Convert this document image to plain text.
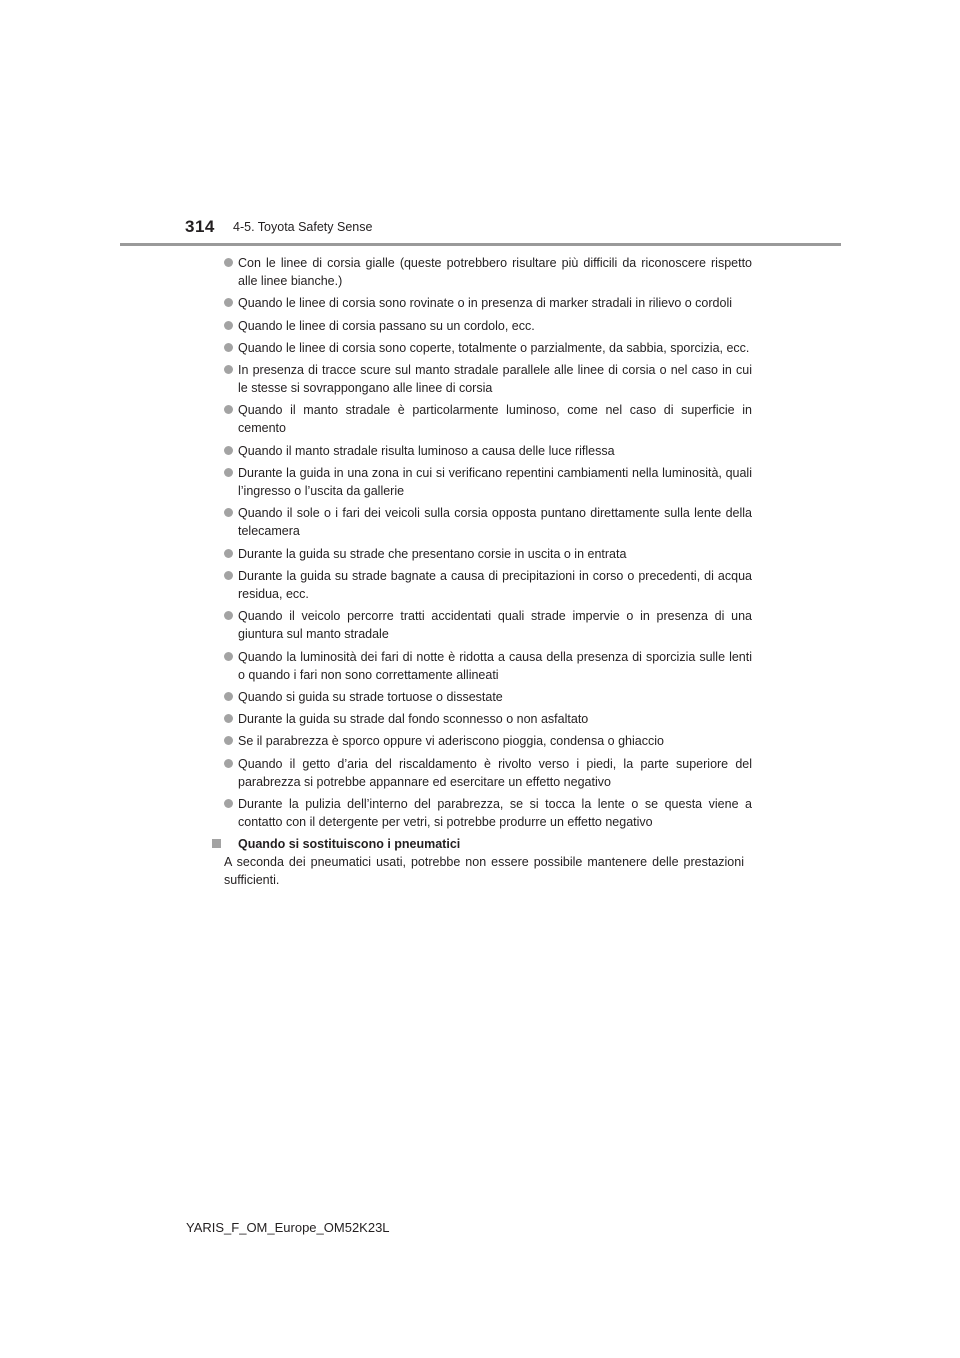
314 4-5. Toyota Safety Sense
Con le linee di corsia gialle (queste potrebbero risultare più difficili da riconoscere rispetto alle linee bianche.)
Quando le linee di corsia sono rovinate o in presenza di marker stradali in rilievo o cordoli
Quando le linee di corsia passano su un cordolo, ecc.
Quando le linee di corsia sono coperte, totalmente o parzialmente, da sabbia, sporcizia, ecc.
In presenza di tracce scure sul manto stradale parallele alle linee di corsia o nel caso in cui le stesse si sovrappongano alle linee di corsia
Quando il manto stradale è particolarmente luminoso, come nel caso di superficie in cemento
Quando il manto stradale risulta luminoso a causa delle luce riflessa
Durante la guida in una zona in cui si verificano repentini cambiamenti nella luminosità, quali l’ingresso o l’uscita da gallerie
Quando il sole o i fari dei veicoli sulla corsia opposta puntano direttamente sulla lente della telecamera
Durante la guida su strade che presentano corsie in uscita o in entrata
Durante la guida su strade bagnate a causa di precipitazioni in corso o precedenti, di acqua residua, ecc.
Quando il veicolo percorre tratti accidentati quali strade impervie o in presenza di una giuntura sul manto stradale
Quando la luminosità dei fari di notte è ridotta a causa della presenza di sporcizia sulle lenti o quando i fari non sono correttamente allineati
Quando si guida su strade tortuose o dissestate
Durante la guida su strade dal fondo sconnesso o non asfaltato
Se il parabrezza è sporco oppure vi aderiscono pioggia, condensa o ghiaccio
Quando il getto d’aria del riscaldamento è rivolto verso i piedi, la parte superiore del parabrezza si potrebbe appannare ed esercitare un effetto negativo
Durante la pulizia dell’interno del parabrezza, se si tocca la lente o se questa viene a contatto con il detergente per vetri, si potrebbe produrre un effetto negativo
Quando si sostituiscono i pneumatici
A seconda dei pneumatici usati, potrebbe non essere possibile mantenere delle prestazioni sufficienti.
YARIS_F_OM_Europe_OM52K23L
